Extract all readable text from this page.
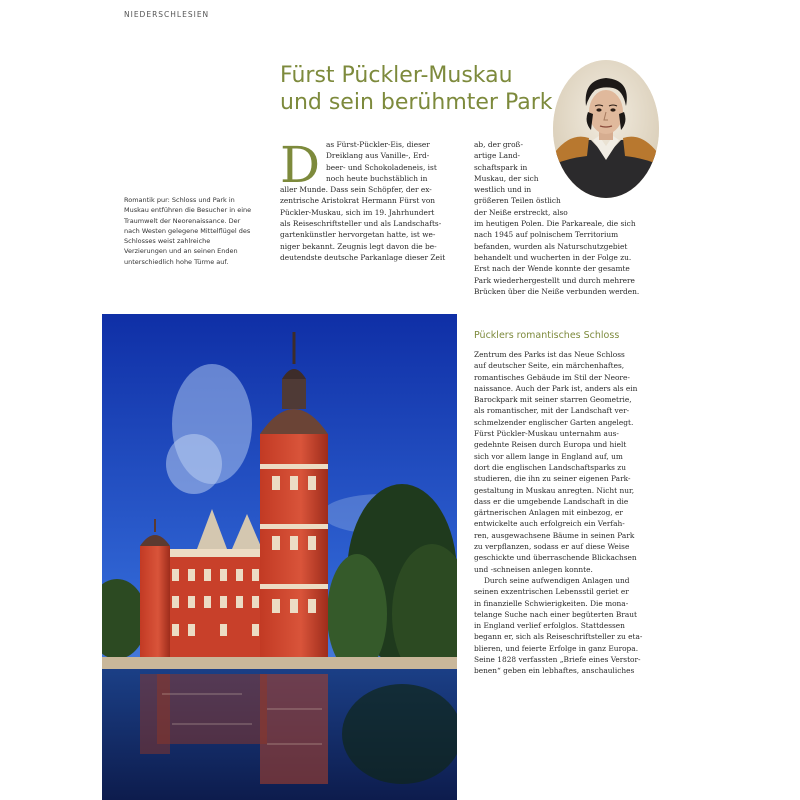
NIEDERSCHLESIEN
Fürst Pückler-Muskau
und sein berühmter Park

Romantik pur: Schloss und Park in Muskau entführen die Besucher in eine Traumwelt der Neorenaissance. Der nach Westen gelegene Mittelflügel des Schlosses weist zahlreiche Verzierungen und an seinen Enden unterschiedlich hohe Türme auf.

D as Fürst-Pückler-Eis, dieser
Dreiklang aus Vanille-, Erd-
beer- und Schokoladeneis, ist
noch heute buchstäblich in
aller Munde. Dass sein Schöpfer, der ex-
zentrische Aristokrat Hermann Fürst von
Pückler-Muskau, sich im 19. Jahrhundert
als Reiseschriftsteller und als Landschafts-
gartenkünstler hervorgetan hatte, ist we-
niger bekannt. Zeugnis legt davon die be-
deutendste deutsche Parkanlage dieser Zeit
ab, der groß-
artige Land-
schaftspark in
Muskau, der sich
westlich und in
größeren Teilen östlich
der Neiße erstreckt, also
im heutigen Polen. Die Parkareale, die sich
nach 1945 auf polnischem Territorium
befanden, wurden als Naturschutzgebiet
behandelt und wucherten in der Folge zu.
Erst nach der Wende konnte der gesamte
Park wiederhergestellt und durch mehrere
Brücken über die Neiße verbunden werden.
Pücklers romantisches Schloss
Zentrum des Parks ist das Neue Schloss
auf deutscher Seite, ein märchenhaftes,
romantisches Gebäude im Stil der Neore-
naissance. Auch der Park ist, anders als ein
Barockpark mit seiner starren Geometrie,
als romantischer, mit der Landschaft ver-
schmelzender englischer Garten angelegt.
Fürst Pückler-Muskau unternahm aus-
gedehnte Reisen durch Europa und hielt
sich vor allem lange in England auf, um
dort die englischen Landschaftsparks zu
studieren, die ihn zu seiner eigenen Park-
gestaltung in Muskau anregten. Nicht nur,
dass er die umgebende Landschaft in die
gärtnerischen Anlagen mit einbezog, er
entwickelte auch erfolgreich ein Verfah-
ren, ausgewachsene Bäume in seinen Park
zu verpflanzen, sodass er auf diese Weise
geschickte und überraschende Blickachsen
und -schneisen anlegen konnte.
Durch seine aufwendigen Anlagen und
seinen exzentrischen Lebensstil geriet er
in finanzielle Schwierigkeiten. Die mona-
telange Suche nach einer begüterten Braut
in England verlief erfolglos. Stattdessen
begann er, sich als Reiseschriftsteller zu eta-
blieren, und feierte Erfolge in ganz Europa.
Seine 1828 verfassten „Briefe eines Verstor-
benen“ geben ein lebhaftes, anschauliches
